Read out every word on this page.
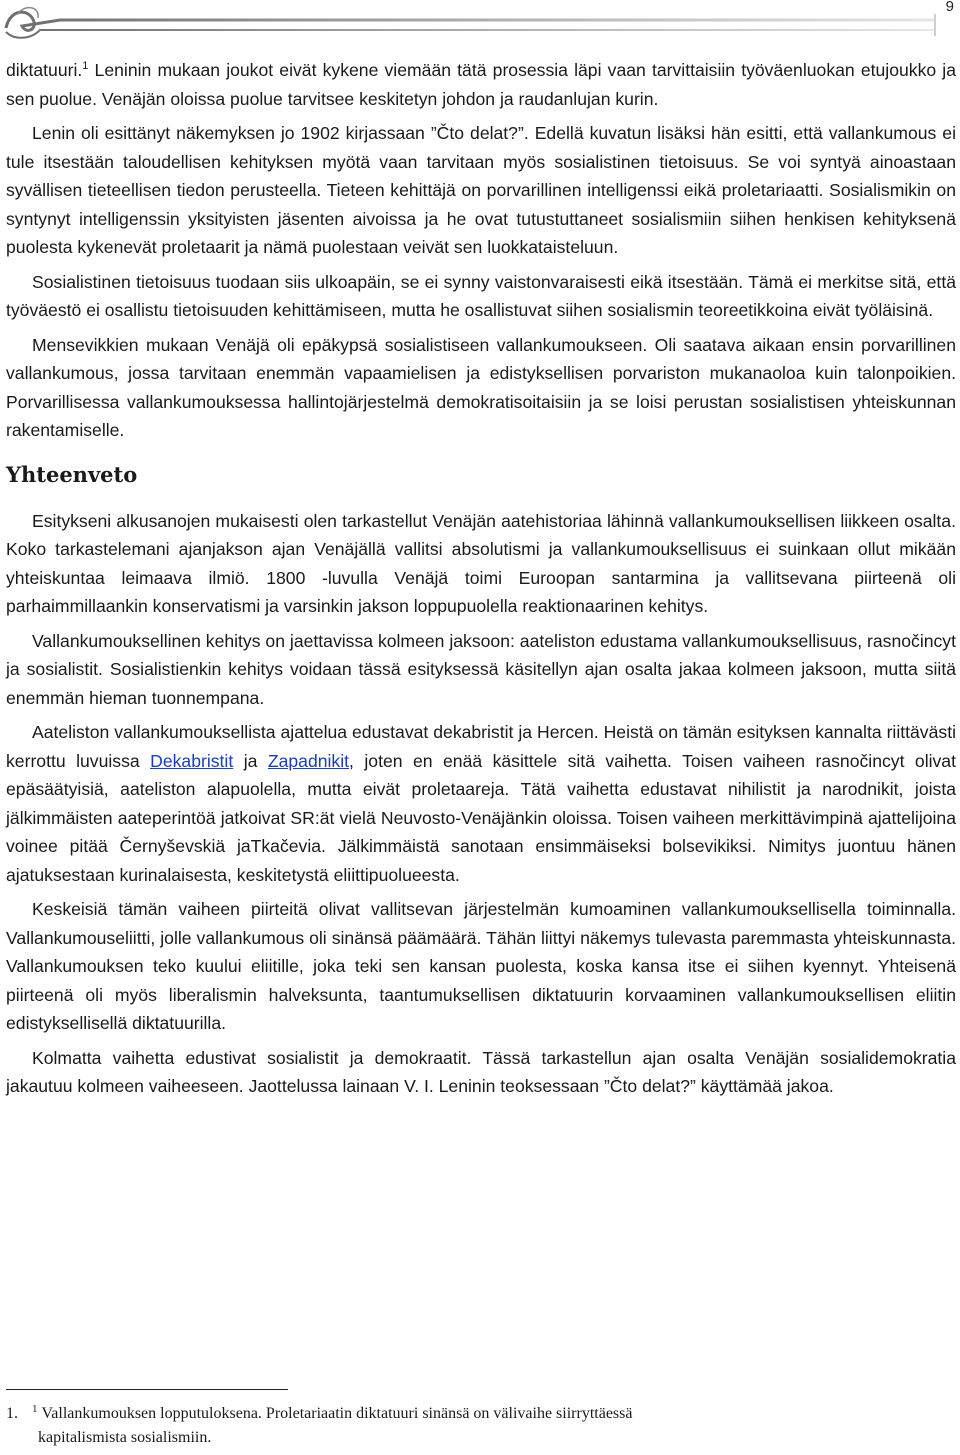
9

diktatuuri.$^1$ Leninin mukaan joukot eivät kykene viemään tätä prosessia läpi vaan tarvittaisiin työväenluokan etujoukko ja sen puolue. Venäjän oloissa puolue tarvitsee keskitetyn johdon ja raudanlujan kurin.

Lenin oli esittänyt näkemyksen jo 1902 kirjassaan ”Čto delat?”. Edellä kuvatun lisäksi hän esitti, että vallankumous ei tule itsestään taloudellisen kehityksen myötä vaan tarvitaan myös sosialistinen tietoisuus. Se voi syntyä ainoastaan syvällisen tieteellisen tiedon perusteella. Tieteen kehittäjä on porvarillinen intelligenssi eikä proletariaatti. Sosialismikin on syntynyt intelligenssin yksityisten jäsenten aivoissa ja he ovat tutustuttaneet sosialismiin siihen henkisen kehityksenä puolesta kykenevät proletaarit ja nämä puolestaan veivät sen luokkataisteluun.

Sosialistinen tietoisuus tuodaan siis ulkoapäin, se ei synny vaistonvaraisesti eikä itsestään. Tämä ei merkitse sitä, että työväestö ei osallistu tietoisuuden kehittämiseen, mutta he osallistuvat siihen sosialismin teoreetikkoina eivät työläisinä.

Mensevikkien mukaan Venäjä oli epäkypsä sosialistiseen vallankumoukseen. Oli saatava aikaan ensin porvarillinen vallankumous, jossa tarvitaan enemmän vapaamielisen ja edistyksellisen porvariston mukanaoloa kuin talonpoikien. Porvarillisessa vallankumouksessa hallintojärjestelmä demokratisoitaisiin ja se loisi perustan sosialistisen yhteiskunnan rakentamiselle.

Yhteenveto

Esitykseni alkusanojen mukaisesti olen tarkastellut Venäjän aatehistoriaa lähinnä vallankumouksellisen liikkeen osalta. Koko tarkastelemani ajanjakson ajan Venäjällä vallitsi absolutismi ja vallankumouksellisuus ei suinkaan ollut mikään yhteiskuntaa leimaava ilmiö. 1800 -luvulla Venäjä toimi Euroopan santarmina ja vallitsevana piirteenä oli parhaimmillaankin konservatismi ja varsinkin jakson loppupuolella reaktionaarinen kehitys.

Vallankumouksellinen kehitys on jaettavissa kolmeen jaksoon: aateliston edustama vallankumouksellisuus, rasnočincyt ja sosialistit. Sosialistienkin kehitys voidaan tässä esityksessä käsitellyn ajan osalta jakaa kolmeen jaksoon, mutta siitä enemmän hieman tuonnempana.

Aateliston vallankumouksellista ajattelua edustavat dekabristit ja Hercen. Heistä on tämän esityksen kannalta riittävästi kerrottu luvuissa Dekabristit ja Zapadnikit, joten en enää käsittele sitä vaihetta. Toisen vaiheen rasnočincyt olivat epäsäätyisiä, aateliston alapuolella, mutta eivät proletaareja. Tätä vaihetta edustavat nihilistit ja narodnikit, joista jälkimmäisten aateperintöä jatkoivat SR:ät vielä Neuvosto-Venäjänkin oloissa. Toisen vaiheen merkittävimpinä ajattelijoina voinee pitää Černyševskiä jaTkačevia. Jälkimmäistä sanotaan ensimmäiseksi bolsevikiksi. Nimitys juontuu hänen ajatuksestaan kurinalaisesta, keskitetystä eliittipuolueesta.

Keskeisiä tämän vaiheen piirteitä olivat vallitsevan järjestelmän kumoaminen vallankumouksellisella toiminnalla. Vallankumouseliitti, jolle vallankumous oli sinänsä päämäärä. Tähän liittyi näkemys tulevasta paremmasta yhteiskunnasta. Vallankumouksen teko kuului eliitille, joka teki sen kansan puolesta, koska kansa itse ei siihen kyennyt. Yhteisenä piirteenä oli myös liberalismin halveksunta, taantumuksellisen diktatuurin korvaaminen vallankumouksellisen eliitin edistyksellisellä diktatuurilla.

Kolmatta vaihetta edustivat sosialistit ja demokraatit. Tässä tarkastellun ajan osalta Venäjän sosialidemokratia jakautuu kolmeen vaiheeseen. Jaottelussa lainaan V. I. Leninin teoksessaan ”Čto delat?” käyttämää jakoa.

1. $^1$ Vallankumouksen lopputuloksena. Proletariaatin diktatuuri sinänsä on välivaihe siirryttäessä
kapitalismista sosialismiin.
